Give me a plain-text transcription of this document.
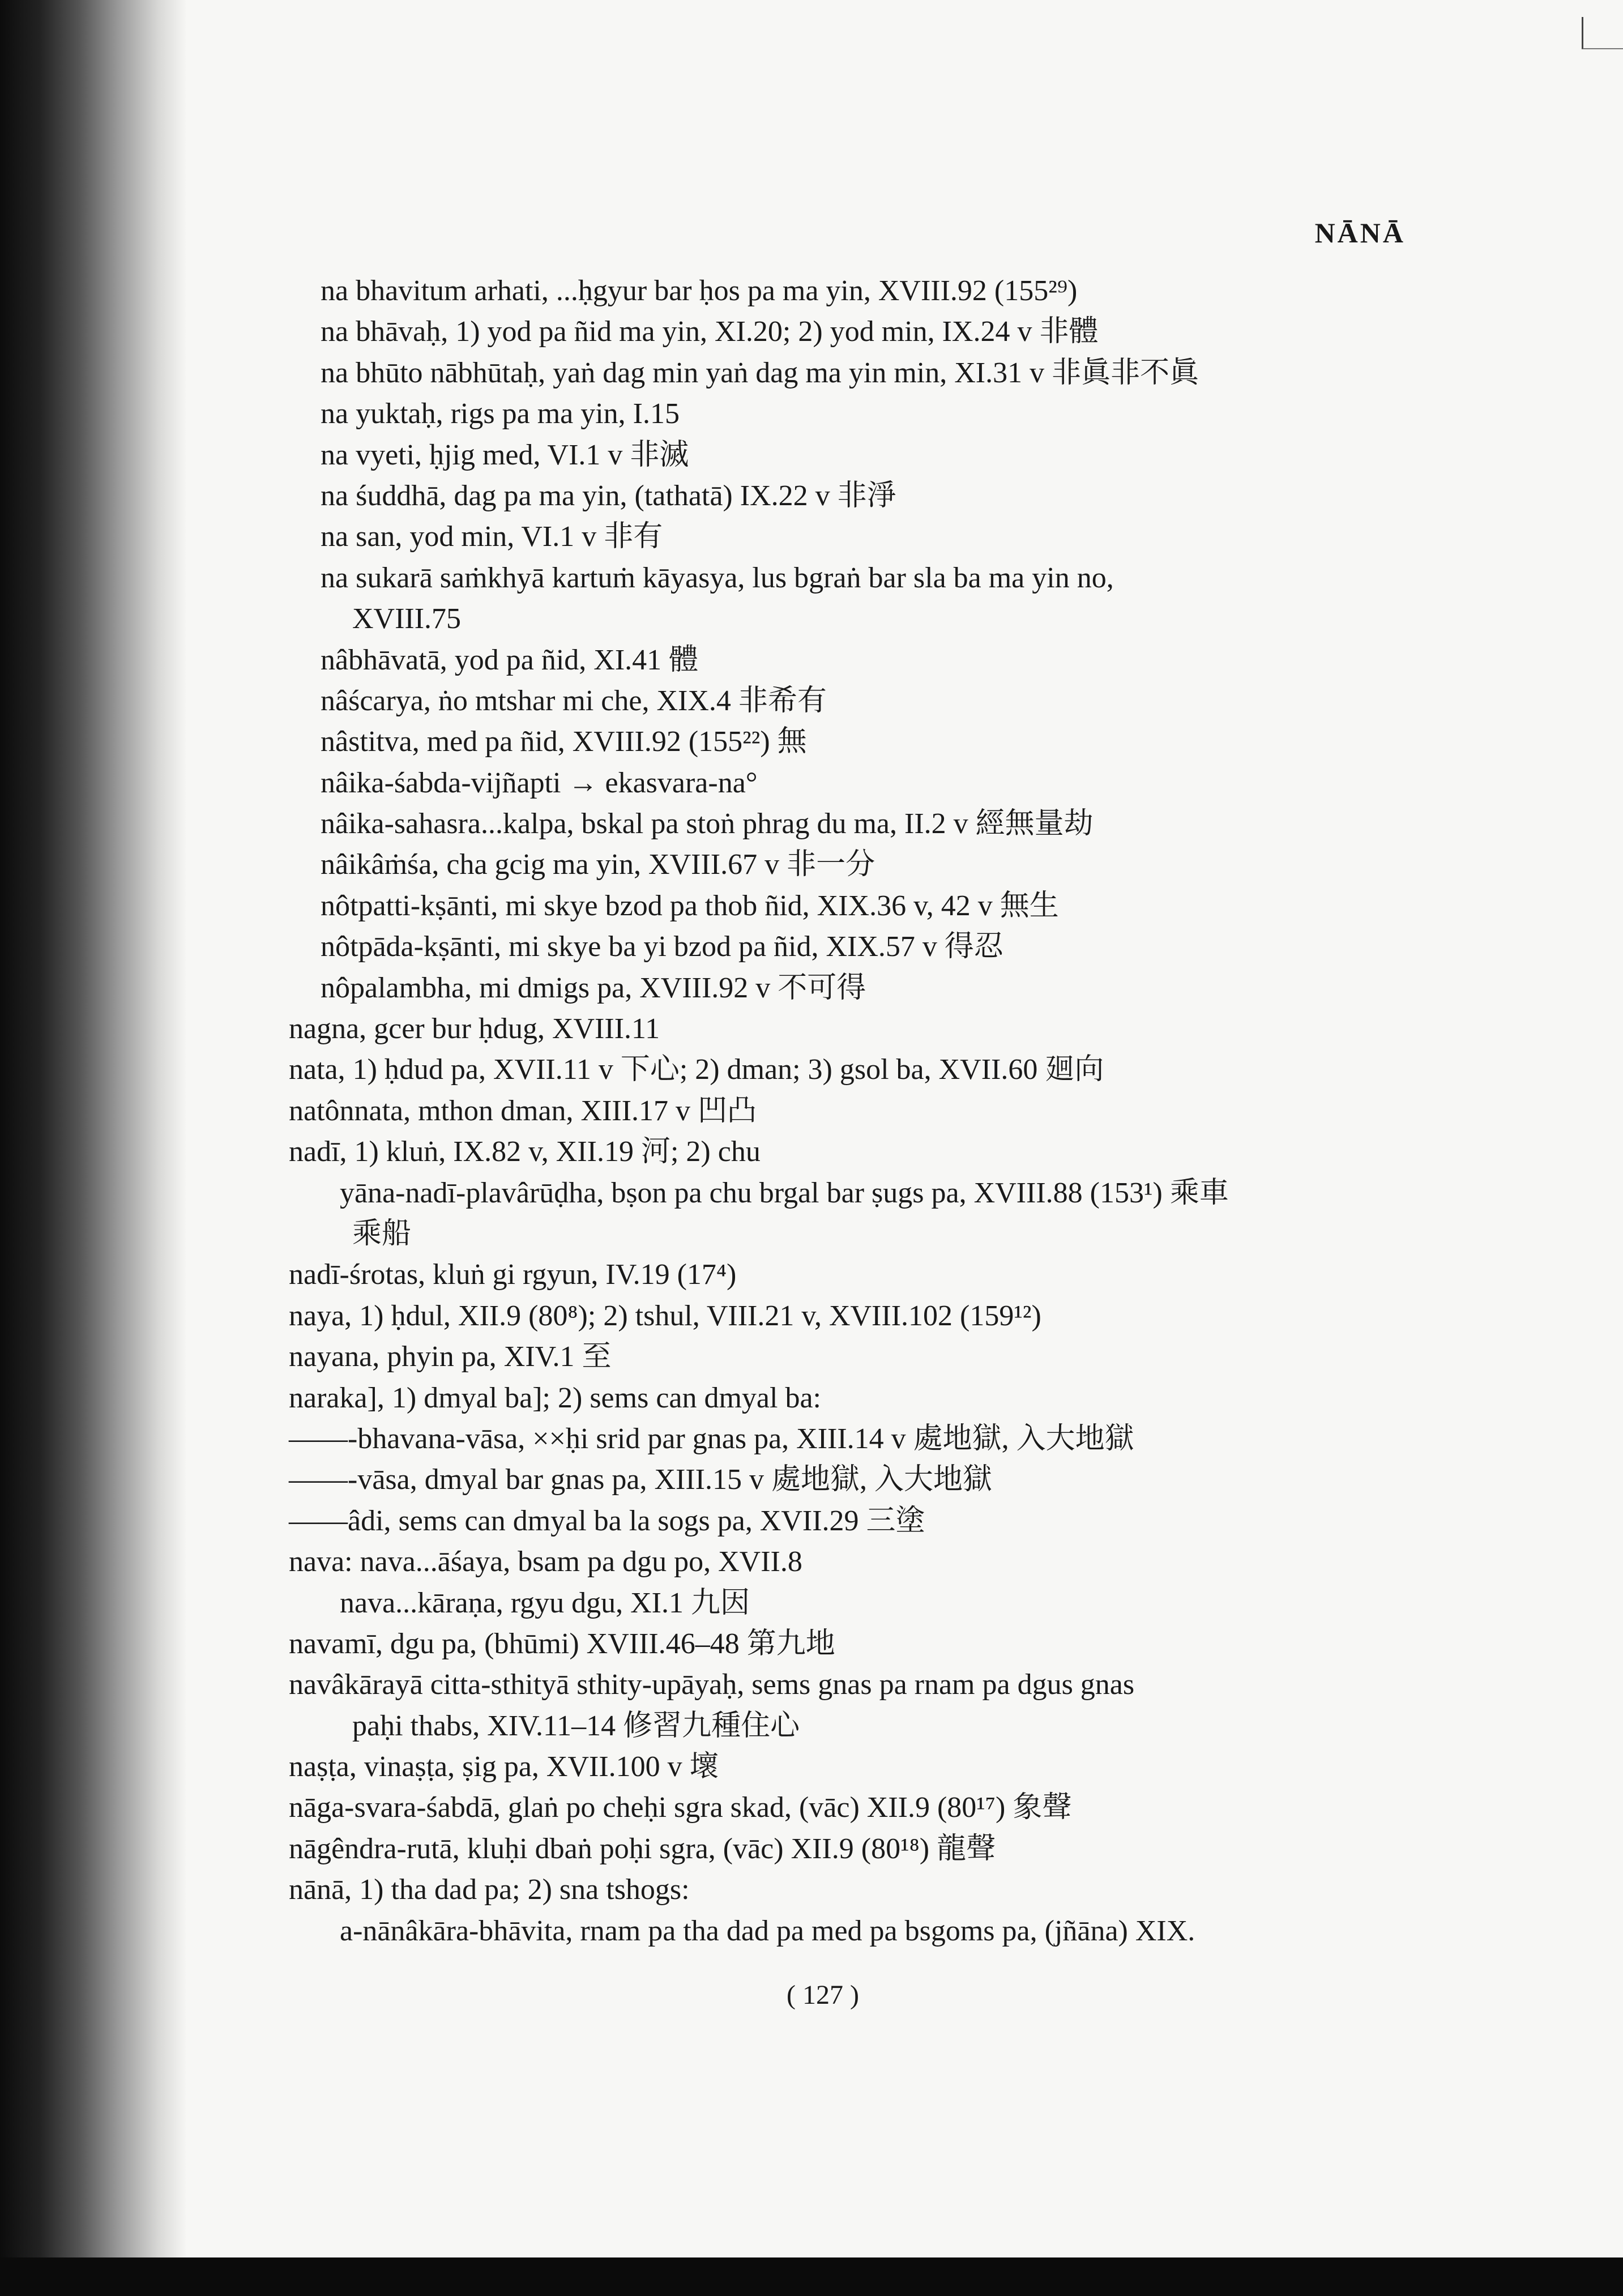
NĀNĀ
na bhavitum arhati, ...ḥgyur bar ḥos pa ma yin, XVIII.92 (155²⁹)
na bhāvaḥ, 1) yod pa ñid ma yin, XI.20; 2) yod min, IX.24 v 非體
na bhūto nābhūtaḥ, yaṅ dag min yaṅ dag ma yin min, XI.31 v 非眞非不眞
na yuktaḥ, rigs pa ma yin, I.15
na vyeti, ḥjig med, VI.1 v 非滅
na śuddhā, dag pa ma yin, (tathatā) IX.22 v 非淨
na san, yod min, VI.1 v 非有
na sukarā saṁkhyā kartuṁ kāyasya, lus bgraṅ bar sla ba ma yin no,
XVIII.75
nâbhāvatā, yod pa ñid, XI.41 體
nâścarya, ṅo mtshar mi che, XIX.4 非希有
nâstitva, med pa ñid, XVIII.92 (155²²) 無
nâika-śabda-vijñapti → ekasvara-na°
nâika-sahasra...kalpa, bskal pa stoṅ phrag du ma, II.2 v 經無量劫
nâikâṁśa, cha gcig ma yin, XVIII.67 v 非一分
nôtpatti-kṣānti, mi skye bzod pa thob ñid, XIX.36 v, 42 v 無生
nôtpāda-kṣānti, mi skye ba yi bzod pa ñid, XIX.57 v 得忍
nôpalambha, mi dmigs pa, XVIII.92 v 不可得
nagna, gcer bur ḥdug, XVIII.11
nata, 1) ḥdud pa, XVII.11 v 下心; 2) dman; 3) gsol ba, XVII.60 廻向
natônnata, mthon dman, XIII.17 v 凹凸
nadī, 1) kluṅ, IX.82 v, XII.19 河; 2) chu
yāna-nadī-plavârūḍha, bṣon pa chu brgal bar ṣugs pa, XVIII.88 (153¹) 乘車
乘船
nadī-śrotas, kluṅ gi rgyun, IV.19 (17⁴)
naya, 1) ḥdul, XII.9 (80⁸); 2) tshul, VIII.21 v, XVIII.102 (159¹²)
nayana, phyin pa, XIV.1 至
naraka], 1) dmyal ba]; 2) sems can dmyal ba:
——-bhavana-vāsa, ××ḥi srid par gnas pa, XIII.14 v 處地獄, 入大地獄
——-vāsa, dmyal bar gnas pa, XIII.15 v 處地獄, 入大地獄
——âdi, sems can dmyal ba la sogs pa, XVII.29 三塗
nava: nava...āśaya, bsam pa dgu po, XVII.8
nava...kāraṇa, rgyu dgu, XI.1 九因
navamī, dgu pa, (bhūmi) XVIII.46–48 第九地
navâkārayā citta-sthityā sthity-upāyaḥ, sems gnas pa rnam pa dgus gnas
paḥi thabs, XIV.11–14 修習九種住心
naṣṭa, vinaṣṭa, ṣig pa, XVII.100 v 壞
nāga-svara-śabdā, glaṅ po cheḥi sgra skad, (vāc) XII.9 (80¹⁷) 象聲
nāgêndra-rutā, kluḥi dbaṅ poḥi sgra, (vāc) XII.9 (80¹⁸) 龍聲
nānā, 1) tha dad pa; 2) sna tshogs:
a-nānâkāra-bhāvita, rnam pa tha dad pa med pa bsgoms pa, (jñāna) XIX.
( 127 )
